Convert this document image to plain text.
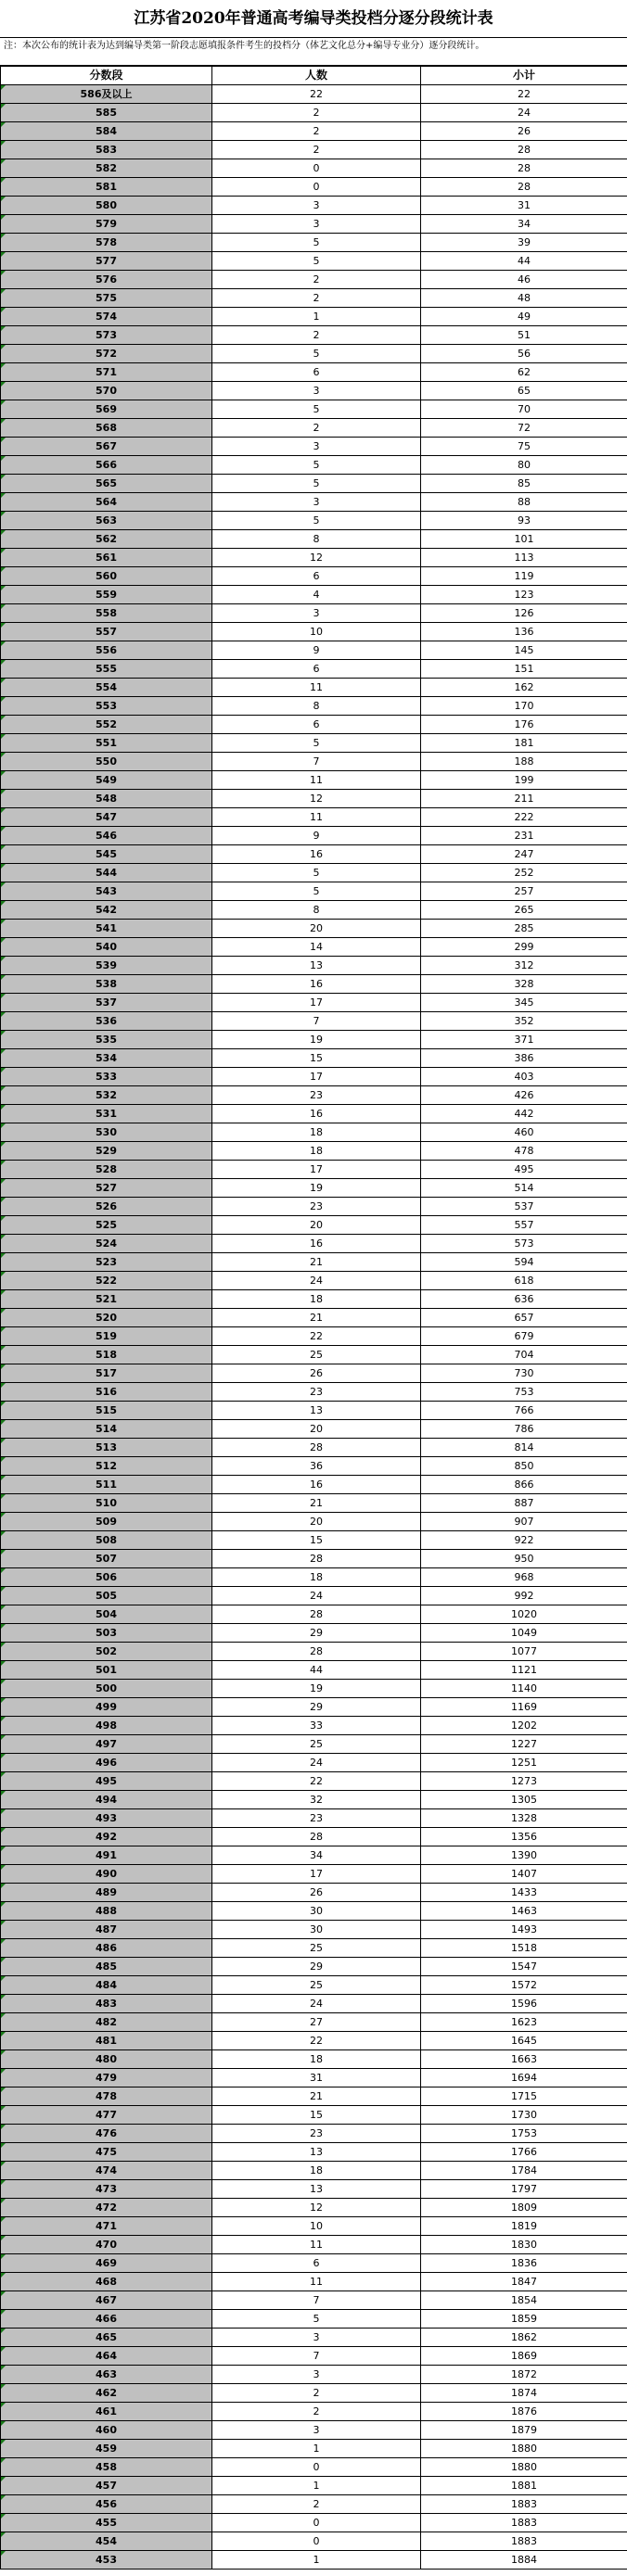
江苏省2020年普通高考编导类投档分逐分段统计表
注：本次公布的统计表为达到编导类第一阶段志愿填报条件考生的投档分（体艺文化总分+编导专业分）逐分段统计。
分数段	人数	小计
586及以上	22	22
585	2	24
584	2	26
583	2	28
582	0	28
581	0	28
580	3	31
579	3	34
578	5	39
577	5	44
576	2	46
575	2	48
574	1	49
573	2	51
572	5	56
571	6	62
570	3	65
569	5	70
568	2	72
567	3	75
566	5	80
565	5	85
564	3	88
563	5	93
562	8	101
561	12	113
560	6	119
559	4	123
558	3	126
557	10	136
556	9	145
555	6	151
554	11	162
553	8	170
552	6	176
551	5	181
550	7	188
549	11	199
548	12	211
547	11	222
546	9	231
545	16	247
544	5	252
543	5	257
542	8	265
541	20	285
540	14	299
539	13	312
538	16	328
537	17	345
536	7	352
535	19	371
534	15	386
533	17	403
532	23	426
531	16	442
530	18	460
529	18	478
528	17	495
527	19	514
526	23	537
525	20	557
524	16	573
523	21	594
522	24	618
521	18	636
520	21	657
519	22	679
518	25	704
517	26	730
516	23	753
515	13	766
514	20	786
513	28	814
512	36	850
511	16	866
510	21	887
509	20	907
508	15	922
507	28	950
506	18	968
505	24	992
504	28	1020
503	29	1049
502	28	1077
501	44	1121
500	19	1140
499	29	1169
498	33	1202
497	25	1227
496	24	1251
495	22	1273
494	32	1305
493	23	1328
492	28	1356
491	34	1390
490	17	1407
489	26	1433
488	30	1463
487	30	1493
486	25	1518
485	29	1547
484	25	1572
483	24	1596
482	27	1623
481	22	1645
480	18	1663
479	31	1694
478	21	1715
477	15	1730
476	23	1753
475	13	1766
474	18	1784
473	13	1797
472	12	1809
471	10	1819
470	11	1830
469	6	1836
468	11	1847
467	7	1854
466	5	1859
465	3	1862
464	7	1869
463	3	1872
462	2	1874
461	2	1876
460	3	1879
459	1	1880
458	0	1880
457	1	1881
456	2	1883
455	0	1883
454	0	1883
453	1	1884
